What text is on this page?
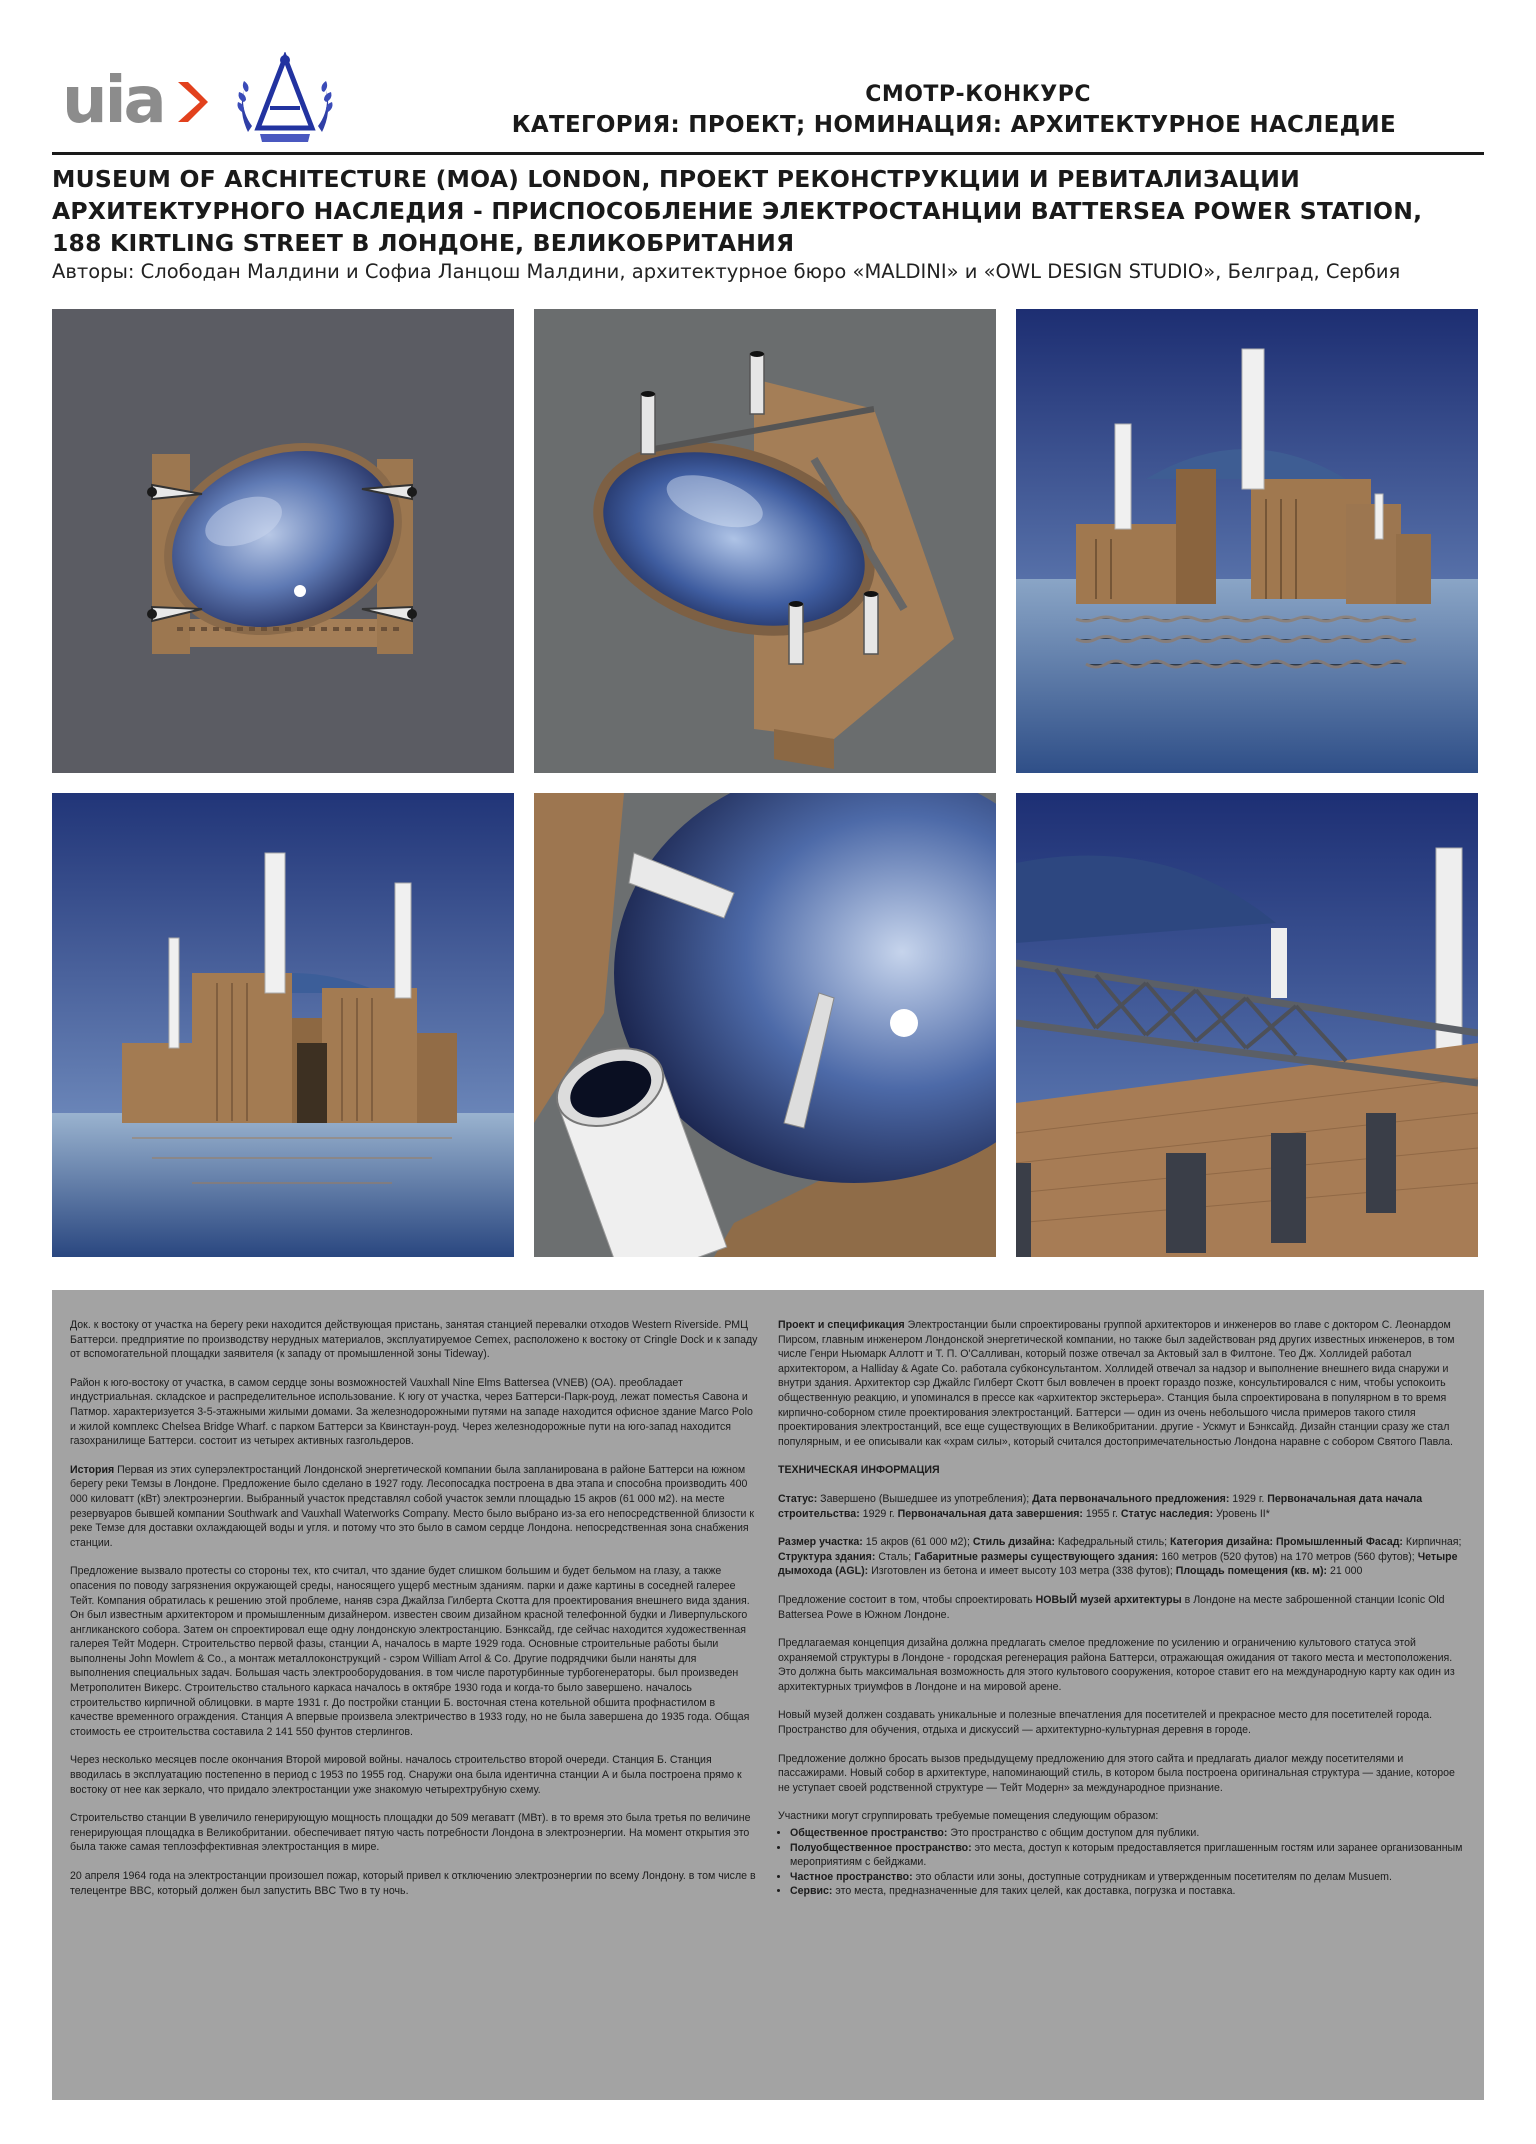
uia	СМОТР-КОНКУРС
КАТЕГОРИЯ: ПРОЕКТ; НОМИНАЦИЯ: АРХИТЕКТУРНОЕ НАСЛЕДИЕ
MUSEUM OF ARCHITECTURE (MOA) LONDON, ПРОЕКТ РЕКОНСТРУКЦИИ И РЕВИТАЛИЗАЦИИ АРХИТЕКТУРНОГО НАСЛЕДИЯ - ПРИСПОСОБЛЕНИЕ ЭЛЕКТРОСТАНЦИИ BATTERSEA POWER STATION, 188 KIRTLING STREET В ЛОНДОНЕ, ВЕЛИКОБРИТАНИЯ
Авторы: Слободан Малдини и Софиа Ланцош Малдини, архитектурное бюро «MALDINI» и «OWL DESIGN STUDIO», Белград, Сербия

Док. к востоку от участка на берегу реки находится действующая пристань, занятая станцией перевалки отходов Western Riverside. РМЦ Баттерси. предприятие по производству нерудных материалов, эксплуатируемое Cemex, расположено к востоку от Cringle Dock и к западу от вспомогательной площадки заявителя (к западу от промышленной зоны Tideway).

Район к юго-востоку от участка, в самом сердце зоны возможностей Vauxhall Nine Elms Battersea (VNEB) (OA). преобладает индустриальная. складское и распределительное использование. К югу от участка, через Баттерси-Парк-роуд, лежат поместья Савона и Патмор. характеризуется 3-5-этажными жилыми домами. За железнодорожными путями на западе находится офисное здание Marco Polo и жилой комплекс Chelsea Bridge Wharf. с парком Баттерси за Квинстаун-роуд. Через железнодорожные пути на юго-запад находится газохранилище Баттерси. состоит из четырех активных газгольдеров.

История Первая из этих суперэлектростанций Лондонской энергетической компании была запланирована в районе Баттерси на южном берегу реки Темзы в Лондоне. Предложение было сделано в 1927 году. Лесопосадка построена в два этапа и способна производить 400 000 киловатт (кВт) электроэнергии. Выбранный участок представлял собой участок земли площадью 15 акров (61 000 м2). на месте резервуаров бывшей компании Southwark and Vauxhall Waterworks Company. Место было выбрано из-за его непосредственной близости к реке Темзе для доставки охлаждающей воды и угля. и потому что это было в самом сердце Лондона. непосредственная зона снабжения станции.

Предложение вызвало протесты со стороны тех, кто считал, что здание будет слишком большим и будет бельмом на глазу, а также опасения по поводу загрязнения окружающей среды, наносящего ущерб местным зданиям. парки и даже картины в соседней галерее Тейт. Компания обратилась к решению этой проблеме, наняв сэра Джайлза Гилберта Скотта для проектирования внешнего вида здания. Он был известным архитектором и промышленным дизайнером. известен своим дизайном красной телефонной будки и Ливерпульского англиканского собора. Затем он спроектировал еще одну лондонскую электростанцию. Бэнксайд, где сейчас находится художественная галерея Тейт Модерн. Строительство первой фазы, станции А, началось в марте 1929 года. Основные строительные работы были выполнены John Mowlem & Co., а монтаж металлоконструкций - сэром William Arrol & Co. Другие подрядчики были наняты для выполнения специальных задач. Большая часть электрооборудования. в том числе паротурбинные турбогенераторы. был произведен Метрополитен Викерс. Строительство стального каркаса началось в октябре 1930 года и когда-то было завершено. началось строительство кирпичной облицовки. в марте 1931 г. До постройки станции Б. восточная стена котельной обшита профнастилом в качестве временного ограждения. Станция А впервые произвела электричество в 1933 году, но не была завершена до 1935 года. Общая стоимость ее строительства составила 2 141 550 фунтов стерлингов.

Через несколько месяцев после окончания Второй мировой войны. началось строительство второй очереди. Станция Б. Станция вводилась в эксплуатацию постепенно в период с 1953 по 1955 год. Снаружи она была идентична станции А и была построена прямо к востоку от нее как зеркало, что придало электростанции уже знакомую четырехтрубную схему.

Строительство станции В увеличило генерирующую мощность площадки до 509 мегаватт (МВт). в то время это была третья по величине генерирующая площадка в Великобритании. обеспечивает пятую часть потребности Лондона в электроэнергии. На момент открытия это была также самая теплоэффективная электростанция в мире.

20 апреля 1964 года на электростанции произошел пожар, который привел к отключению электроэнергии по всему Лондону. в том числе в телецентре BBC, который должен был запустить BBC Two в ту ночь.

Проект и спецификация Электростанции были спроектированы группой архитекторов и инженеров во главе с доктором С. Леонардом Пирсом, главным инженером Лондонской энергетической компании, но также был задействован ряд других известных инженеров, в том числе Генри Ньюмарк Аллотт и Т. П. О'Салливан, который позже отвечал за Актовый зал в Филтоне. Тео Дж. Холлидей работал архитектором, а Halliday & Agate Co. работала субконсультантом. Холлидей отвечал за надзор и выполнение внешнего вида снаружи и внутри здания. Архитектор сэр Джайлс Гилберт Скотт был вовлечен в проект гораздо позже, консультировался с ним, чтобы успокоить общественную реакцию, и упоминался в прессе как «архитектор экстерьера». Станция была спроектирована в популярном в то время кирпично-соборном стиле проектирования электростанций. Баттерси — один из очень небольшого числа примеров такого стиля проектирования электростанций, все еще существующих в Великобритании. другие - Ускмут и Бэнксайд. Дизайн станции сразу же стал популярным, и ее описывали как «храм силы», который считался достопримечательностью Лондона наравне с собором Святого Павла.

ТЕХНИЧЕСКАЯ ИНФОРМАЦИЯ

Статус: Завершено (Вышедшее из употребления); Дата первоначального предложения: 1929 г. Первоначальная дата начала строительства: 1929 г. Первоначальная дата завершения: 1955 г. Статус наследия: Уровень II*

Размер участка: 15 акров (61 000 м2); Стиль дизайна: Кафедральный стиль; Категория дизайна: Промышленный Фасад: Кирпичная; Структура здания: Сталь; Габаритные размеры существующего здания: 160 метров (520 футов) на 170 метров (560 футов); Четыре дымохода (AGL): Изготовлен из бетона и имеет высоту 103 метра (338 футов); Площадь помещения (кв. м): 21 000

Предложение состоит в том, чтобы спроектировать НОВЫЙ музей архитектуры в Лондоне на месте заброшенной станции Iconic Old Battersea Powe в Южном Лондоне.

Предлагаемая концепция дизайна должна предлагать смелое предложение по усилению и ограничению культового статуса этой охраняемой структуры в Лондоне - городская регенерация района Баттерси, отражающая ожидания от такого места и местоположения. Это должна быть максимальная возможность для этого культового сооружения, которое ставит его на международную карту как один из архитектурных триумфов в Лондоне и на мировой арене.

Новый музей должен создавать уникальные и полезные впечатления для посетителей и прекрасное место для посетителей города. Пространство для обучения, отдыха и дискуссий — архитектурно-культурная деревня в городе.

Предложение должно бросать вызов предыдущему предложению для этого сайта и предлагать диалог между посетителями и пассажирами. Новый собор в архитектуре, напоминающий стиль, в котором была построена оригинальная структура — здание, которое не уступает своей родственной структуре — Тейт Модерн» за международное признание.

Участники могут сгруппировать требуемые помещения следующим образом:

• Общественное пространство: Это пространство с общим доступом для публики.
• Полуобщественное пространство: это места, доступ к которым предоставляется приглашенным гостям или заранее организованным мероприятиям с бейджами.
• Частное пространство: это области или зоны, доступные сотрудникам и утвержденным посетителям по делам Musuem.
• Сервис: это места, предназначенные для таких целей, как доставка, погрузка и поставка.
